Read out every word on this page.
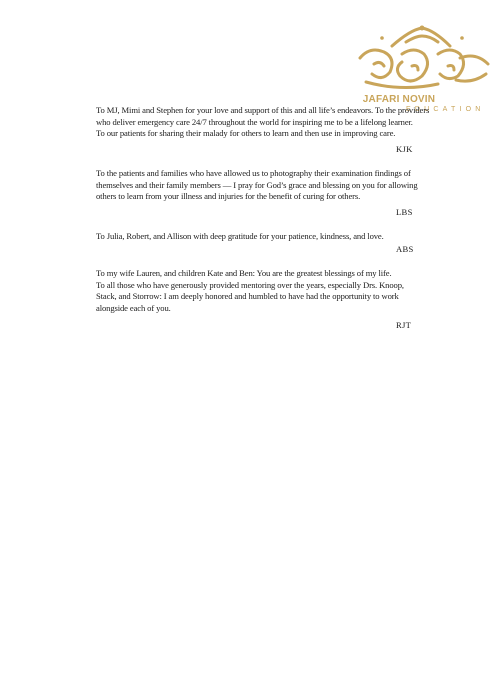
JAFARI NOVIN
EDUCATION
To MJ, Mimi and Stephen for your love and support of this and all life’s endeavors. To the providers
who deliver emergency care 24/7 throughout the world for inspiring me to be a lifelong learner.
To our patients for sharing their malady for others to learn and then use in improving care.
KJK
To the patients and families who have allowed us to photography their examination findings of
themselves and their family members — I pray for God’s grace and blessing on you for allowing
others to learn from your illness and injuries for the benefit of curing for others.
LBS
To Julia, Robert, and Allison with deep gratitude for your patience, kindness, and love.
ABS
To my wife Lauren, and children Kate and Ben: You are the greatest blessings of my life.
To all those who have generously provided mentoring over the years, especially Drs. Knoop,
Stack, and Storrow: I am deeply honored and humbled to have had the opportunity to work
alongside each of you.
RJT
